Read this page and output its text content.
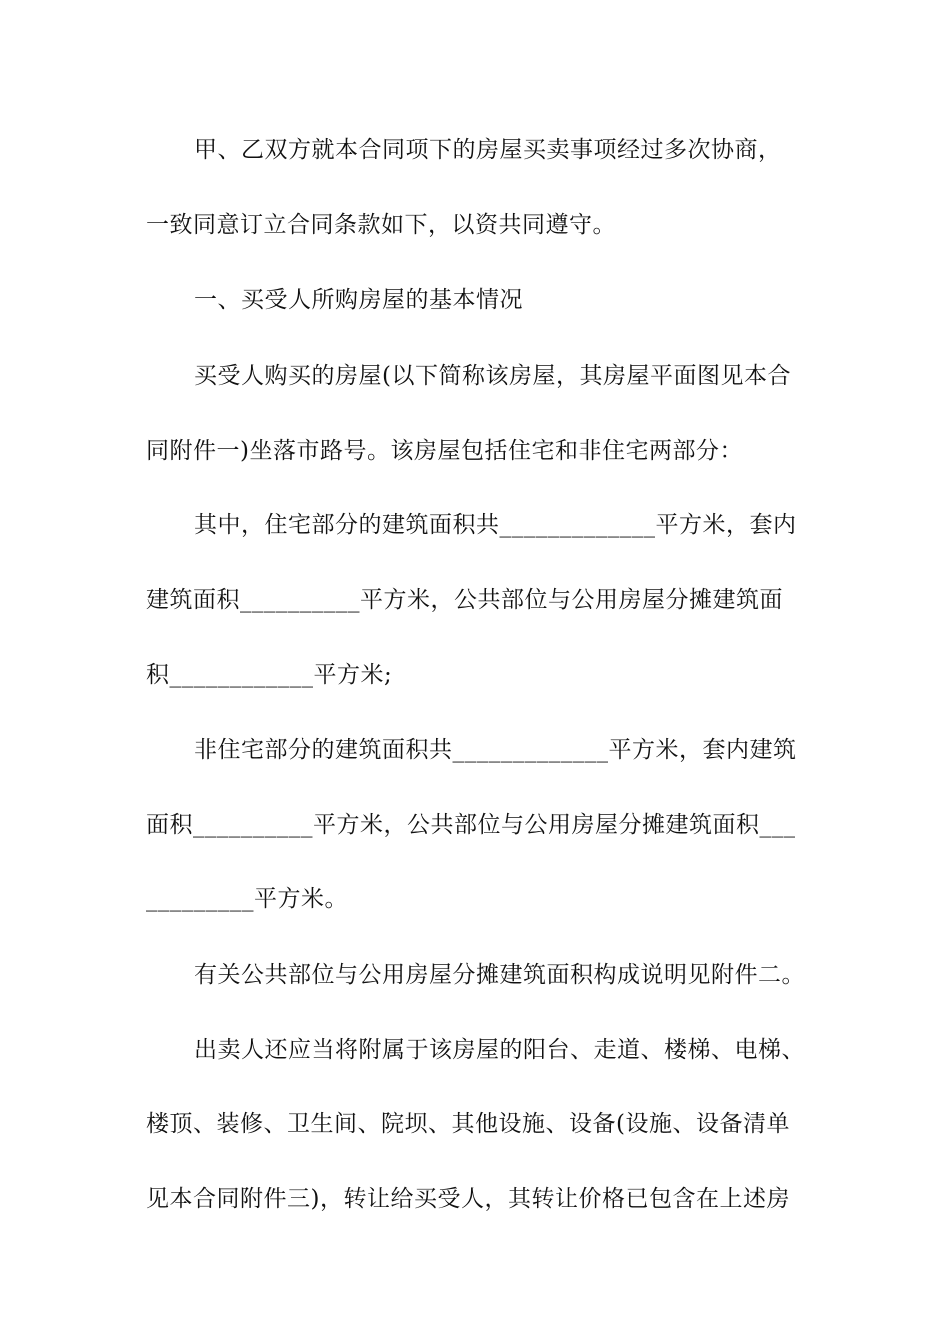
甲、乙双方就本合同项下的房屋买卖事项经过多次协商，
一致同意订立合同条款如下，以资共同遵守。
一、买受人所购房屋的基本情况
买受人购买的房屋(以下简称该房屋，其房屋平面图见本合
同附件一)坐落市路号。该房屋包括住宅和非住宅两部分：
其中，住宅部分的建筑面积共_____________平方米，套内
建筑面积__________平方米，公共部位与公用房屋分摊建筑面
积____________平方米;
非住宅部分的建筑面积共_____________平方米，套内建筑
面积__________平方米，公共部位与公用房屋分摊建筑面积___
_________平方米。
有关公共部位与公用房屋分摊建筑面积构成说明见附件二。
出卖人还应当将附属于该房屋的阳台、走道、楼梯、电梯、
楼顶、装修、卫生间、院坝、其他设施、设备(设施、设备清单
见本合同附件三)，转让给买受人，其转让价格已包含在上述房
